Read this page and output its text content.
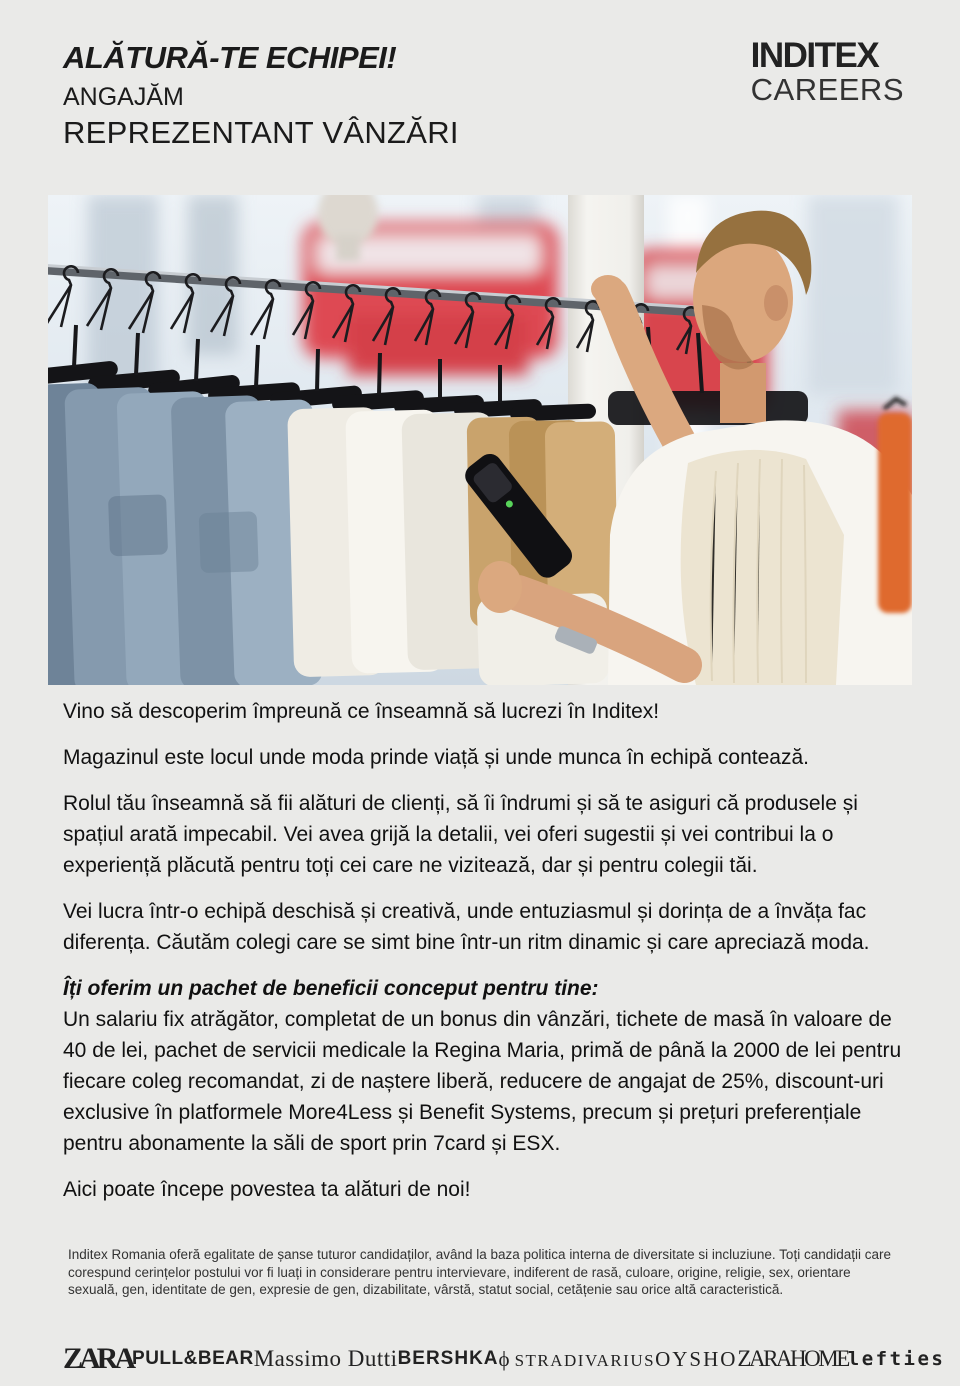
ALĂTURĂ-TE ECHIPEI!
ANGAJĂM
REPREZENTANT VÂNZĂRI
INDITEX
CAREERS

Vino să descoperim împreună ce înseamnă să lucrezi în Inditex!

Magazinul este locul unde moda prinde viață și unde munca în echipă contează.

Rolul tău înseamnă să fii alături de clienți, să îi îndrumi și să te asiguri că produsele și spațiul arată impecabil. Vei avea grijă la detalii, vei oferi sugestii și vei contribui la o experiență plăcută pentru toți cei care ne vizitează, dar și pentru colegii tăi.

Vei lucra într-o echipă deschisă și creativă, unde entuziasmul și dorința de a învăța fac diferența. Căutăm colegi care se simt bine într-un ritm dinamic și care apreciază moda.

Îți oferim un pachet de beneficii conceput pentru tine:
Un salariu fix atrăgător, completat de un bonus din vânzări, tichete de masă în valoare de 40 de lei, pachet de servicii medicale la Regina Maria, primă de până la 2000 de lei pentru fiecare coleg recomandat, zi de naștere liberă, reducere de angajat de 25%, discount-uri exclusive în platformele More4Less și Benefit Systems, precum și prețuri preferențiale pentru abonamente la săli de sport prin 7card și ESX.

Aici poate începe povestea ta alături de noi!

Inditex Romania oferă egalitate de șanse tuturor candidaților, având la baza politica interna de diversitate si incluziune. Toți candidații care corespund cerințelor postului vor fi luați in considerare pentru intervievare, indiferent de rasă, culoare, origine, religie, sex, orientare sexuală, gen, identitate de gen, expresie de gen, dizabilitate, vârstă, statut social, cetățenie sau orice altă caracteristică.
ZARA PULL&BEAR Massimo Dutti BERSHKA ϕ STRADIVARIUS OYSHO ZARAHOME lefties
